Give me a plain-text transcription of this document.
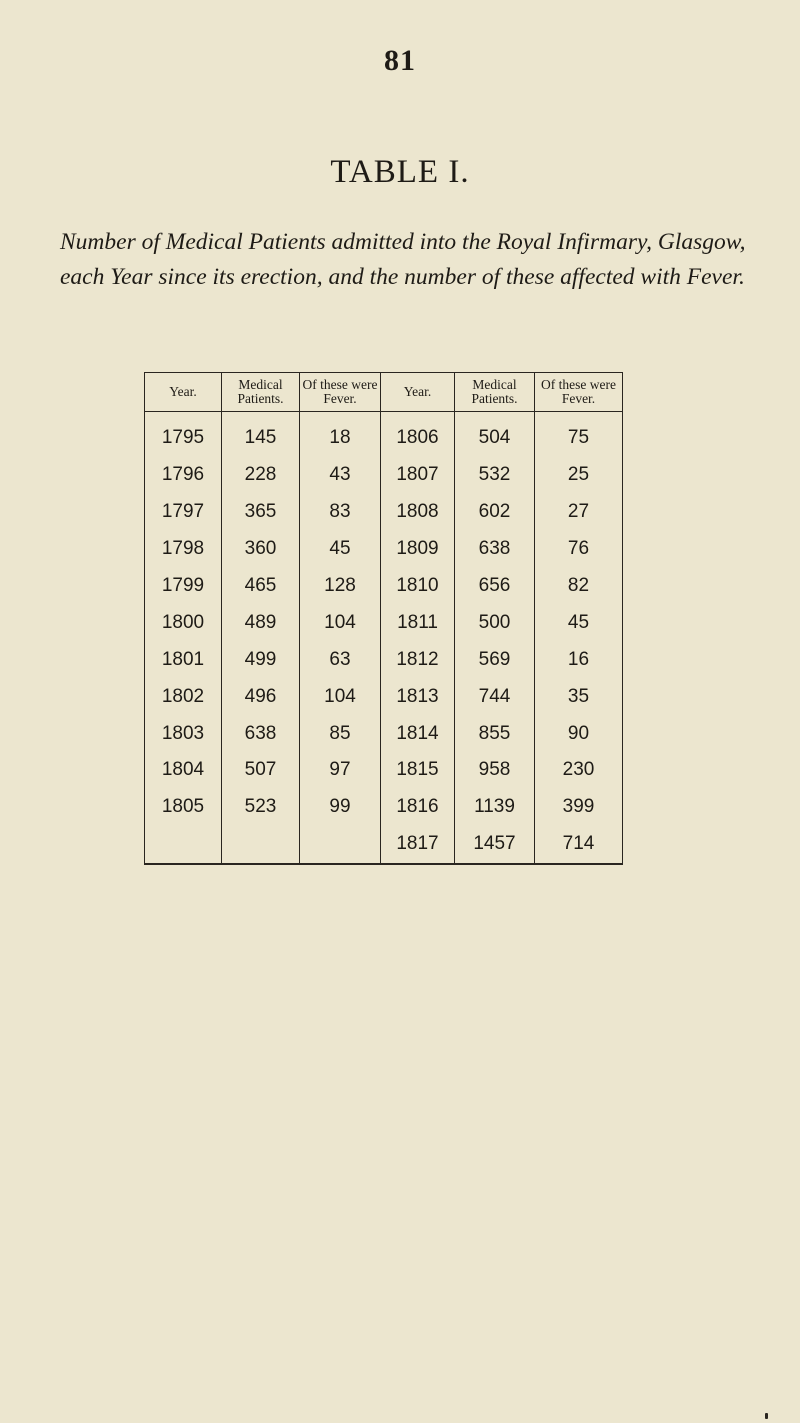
81
TABLE I.
Number of Medical Patients admitted into the Royal Infirmary, Glasgow, each Year since its erection, and the number of these affected with Fever.
Year.	Medical Patients.	Of these were Fever.	Year.	Medical Patients.	Of these were Fever.
1795	145	18	1806	504	75
1796	228	43	1807	532	25
1797	365	83	1808	602	27
1798	360	45	1809	638	76
1799	465	128	1810	656	82
1800	489	104	1811	500	45
1801	499	63	1812	569	16
1802	496	104	1813	744	35
1803	638	85	1814	855	90
1804	507	97	1815	958	230
1805	523	99	1816	1139	399
			1817	1457	714
